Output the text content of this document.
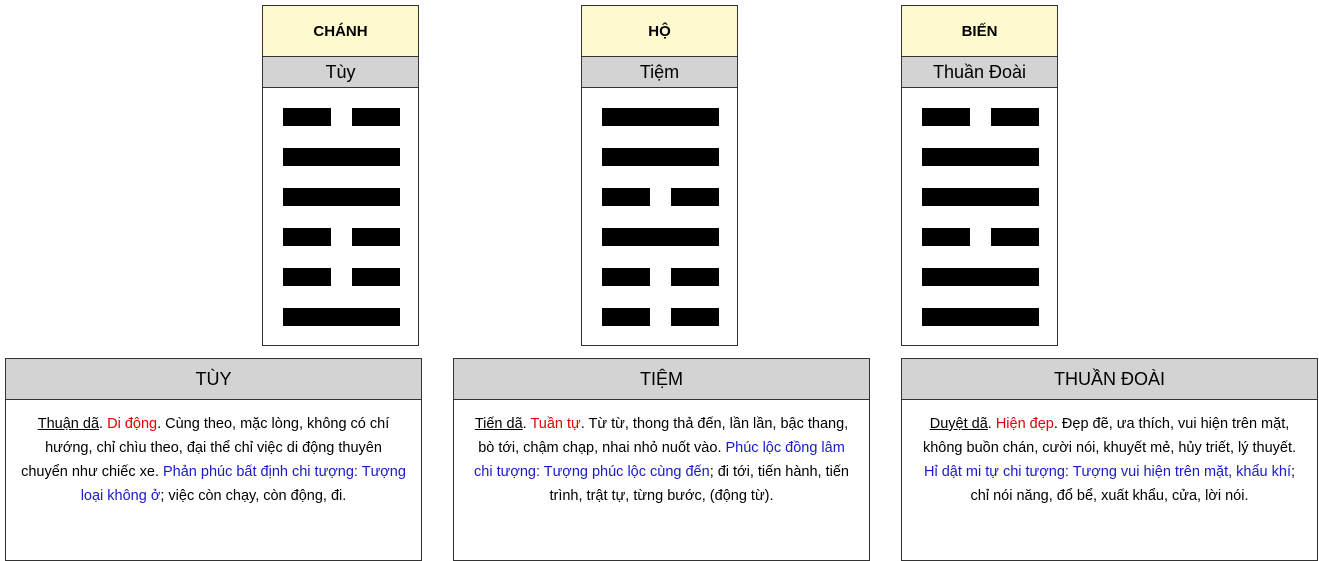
CHÁNH
Tùy
HỘ
Tiệm
BIẾN
Thuần Đoài
TÙY
Thuận dã. Di động. Cùng theo, mặc lòng, không có chí hướng, chỉ chìu theo, đại thể chỉ việc di động thuyên chuyển như chiếc xe. Phản phúc bất định chi tượng: Tượng loại không ở; việc còn chạy, còn động, đi.
TIỆM
Tiến dã. Tuần tự. Từ từ, thong thả đến, lần lần, bậc thang, bò tới, chậm chạp, nhai nhỏ nuốt vào. Phúc lộc đồng lâm chi tượng: Tượng phúc lộc cùng đến; đi tới, tiến hành, tiến trình, trật tự, từng bước, (động từ).
THUẦN ĐOÀI
Duyệt dã. Hiện đẹp. Đẹp đẽ, ưa thích, vui hiện trên mặt, không buồn chán, cười nói, khuyết mẻ, hủy triết, lý thuyết. Hỉ dật mi tự chi tượng: Tượng vui hiện trên mặt, khẩu khí; chỉ nói năng, đổ bể, xuất khẩu, cửa, lời nói.
